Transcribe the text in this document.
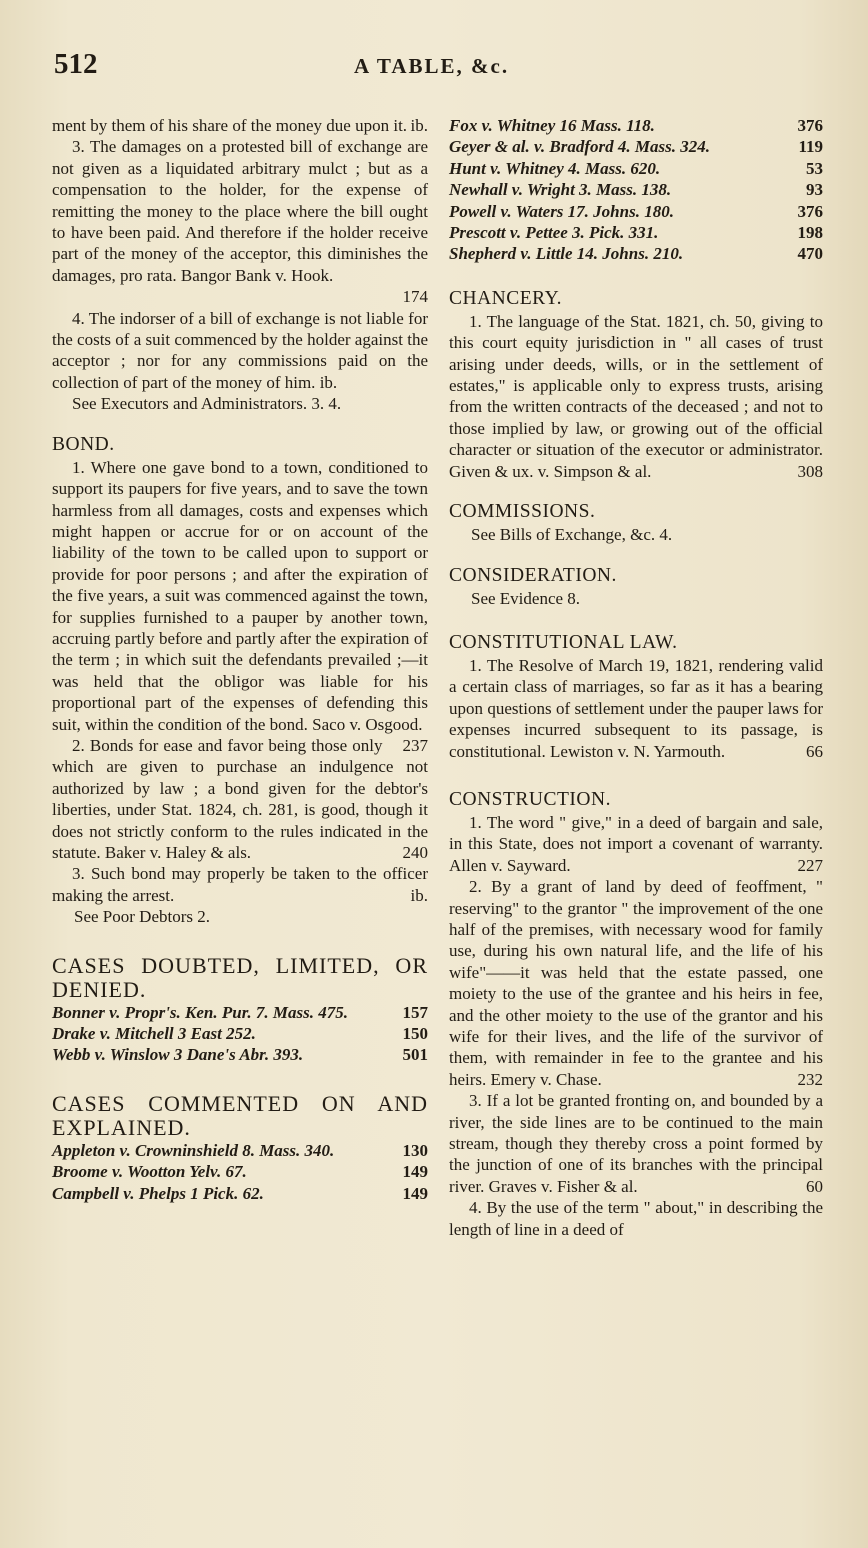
512	A TABLE, &c.

ment by them of his share of the money due upon it. ib.

3. The damages on a protested bill of exchange are not given as a liquidated arbitrary mulct ; but as a compensation to the holder, for the expense of remitting the money to the place where the bill ought to have been paid. And therefore if the holder receive part of the money of the acceptor, this diminishes the damages, pro rata. Bangor Bank v. Hook.

174

4. The indorser of a bill of exchange is not liable for the costs of a suit commenced by the holder against the acceptor ; nor for any commissions paid on the collection of part of the money of him. ib.

See Executors and Administrators. 3. 4.

BOND.

1. Where one gave bond to a town, conditioned to support its paupers for five years, and to save the town harmless from all damages, costs and expenses which might happen or accrue for or on account of the liability of the town to be called upon to support or provide for poor persons ; and after the expiration of the five years, a suit was commenced against the town, for supplies furnished to a pauper by another town, accruing partly before and partly after the expiration of the term ; in which suit the defendants prevailed ;—it was held that the obligor was liable for his proportional part of the expenses of defending this suit, within the condition of the bond. Saco v. Osgood.
237

2. Bonds for ease and favor being those only which are given to purchase an indulgence not authorized by law ; a bond given for the debtor's liberties, under Stat. 1824, ch. 281, is good, though it does not strictly conform to the rules indicated in the statute. Baker v. Haley & als.	240

3. Such bond may properly be taken to the officer making the arrest.	ib.

See Poor Debtors 2.

CASES DOUBTED, LIMITED, OR DENIED.

Bonner v. Propr's. Ken. Pur. 7. Mass. 475.	157

Drake v. Mitchell 3 East 252.	150

Webb v. Winslow 3 Dane's Abr. 393.	501

CASES COMMENTED ON AND EXPLAINED.

Appleton v. Crowninshield 8. Mass. 340.	130

Broome v. Wootton Yelv. 67.	149

Campbell v. Phelps 1 Pick. 62.	149

Fox v. Whitney 16 Mass. 118.	376

Geyer & al. v. Bradford 4. Mass. 324.	119

Hunt v. Whitney 4. Mass. 620.	53

Newhall v. Wright 3. Mass. 138.	93

Powell v. Waters 17. Johns. 180.	376

Prescott v. Pettee 3. Pick. 331.	198

Shepherd v. Little 14. Johns. 210.	470

CHANCERY.

1. The language of the Stat. 1821, ch. 50, giving to this court equity jurisdiction in " all cases of trust arising under deeds, wills, or in the settlement of estates," is applicable only to express trusts, arising from the written contracts of the deceased ; and not to those implied by law, or growing out of the official character or situation of the executor or administrator. Given & ux. v. Simpson & al.	308

COMMISSIONS.

See Bills of Exchange, &c. 4.

CONSIDERATION.

See Evidence 8.

CONSTITUTIONAL LAW.

1. The Resolve of March 19, 1821, rendering valid a certain class of marriages, so far as it has a bearing upon questions of settlement under the pauper laws for expenses incurred subsequent to its passage, is constitutional. Lewiston v. N. Yarmouth.	66

CONSTRUCTION.

1. The word " give," in a deed of bargain and sale, in this State, does not import a covenant of warranty. Allen v. Sayward.	227

2. By a grant of land by deed of feoffment, " reserving" to the grantor " the improvement of the one half of the premises, with necessary wood for family use, during his own natural life, and the life of his wife"——it was held that the estate passed, one moiety to the use of the grantee and his heirs in fee, and the other moiety to the use of the grantor and his wife for their lives, and the life of the survivor of them, with remainder in fee to the grantee and his heirs. Emery v. Chase.	232

3. If a lot be granted fronting on, and bounded by a river, the side lines are to be continued to the main stream, though they thereby cross a point formed by the junction of one of its branches with the principal river. Graves v. Fisher & al.	60

4. By the use of the term " about," in describing the length of line in a deed of
